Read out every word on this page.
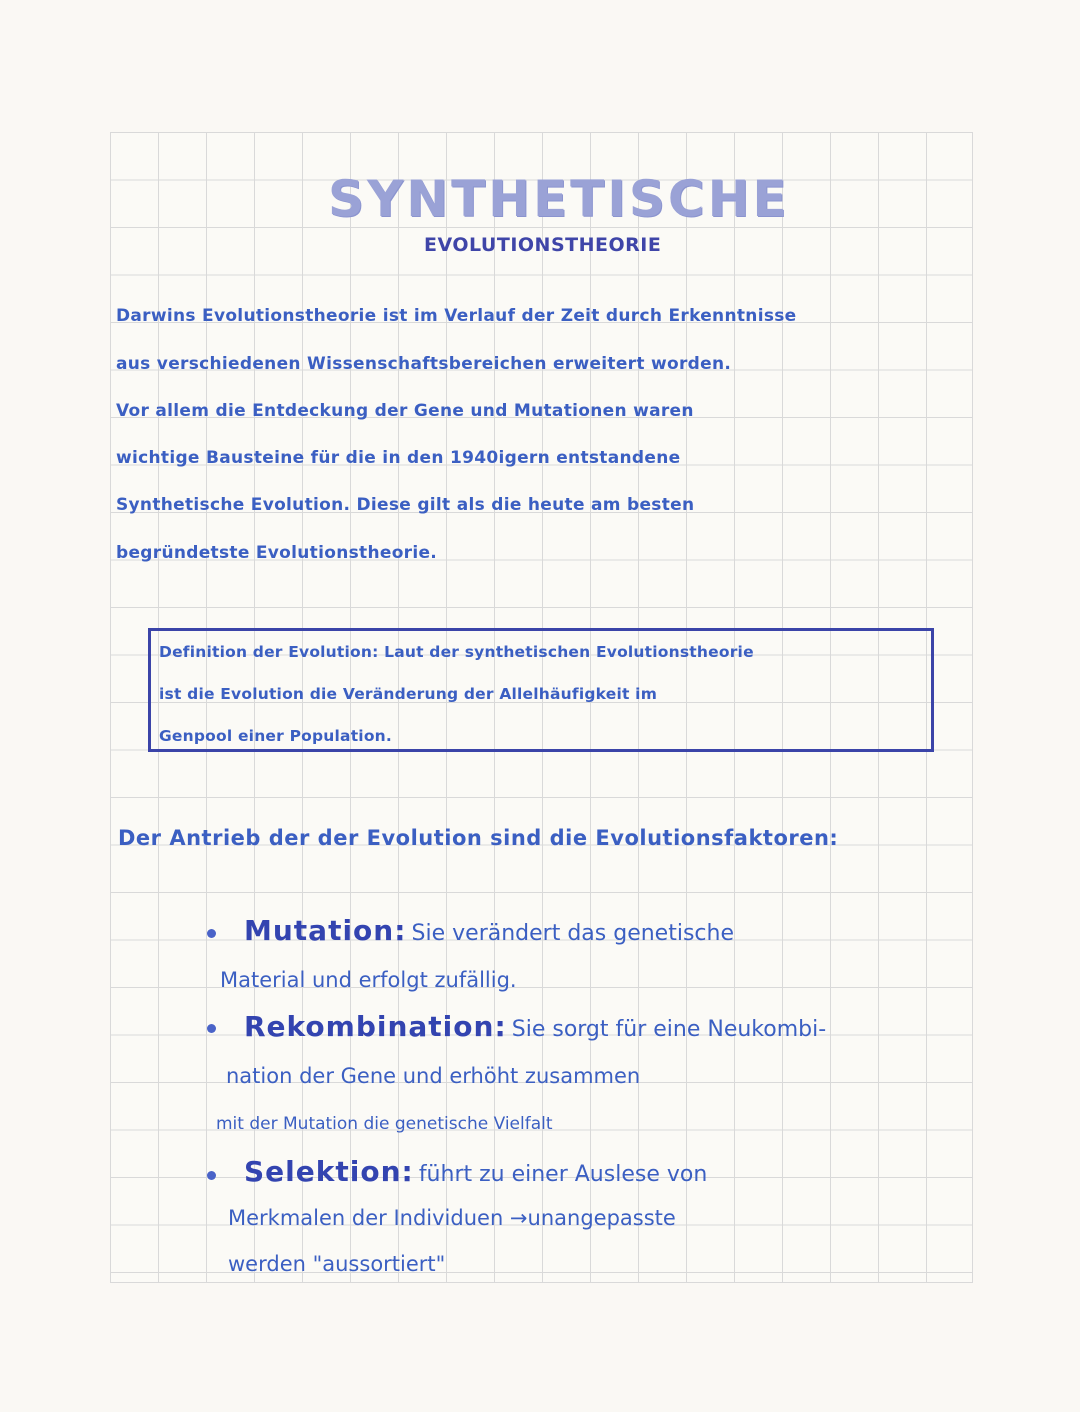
SYNTHETISCHE
EVOLUTIONSTHEORIE
Darwins Evolutionstheorie ist im Verlauf der Zeit durch Erkenntnisse
aus verschiedenen Wissenschaftsbereichen erweitert worden.
Vor allem die Entdeckung der Gene und Mutationen waren
wichtige Bausteine für die in den 1940igern entstandene
Synthetische Evolution. Diese gilt als die heute am besten
begründetste Evolutionstheorie.
Definition der Evolution: Laut der synthetischen Evolutionstheorie
ist die Evolution die Veränderung der Allelhäufigkeit im
Genpool einer Population.
Der Antrieb der der Evolution sind die Evolutionsfaktoren:
Mutation: Sie verändert das genetische
Material und erfolgt zufällig.
Rekombination: Sie sorgt für eine Neukombi-
nation der Gene und erhöht zusammen
mit der Mutation die genetische Vielfalt
Selektion: führt zu einer Auslese von
Merkmalen der Individuen →unangepasste
werden "aussortiert"
